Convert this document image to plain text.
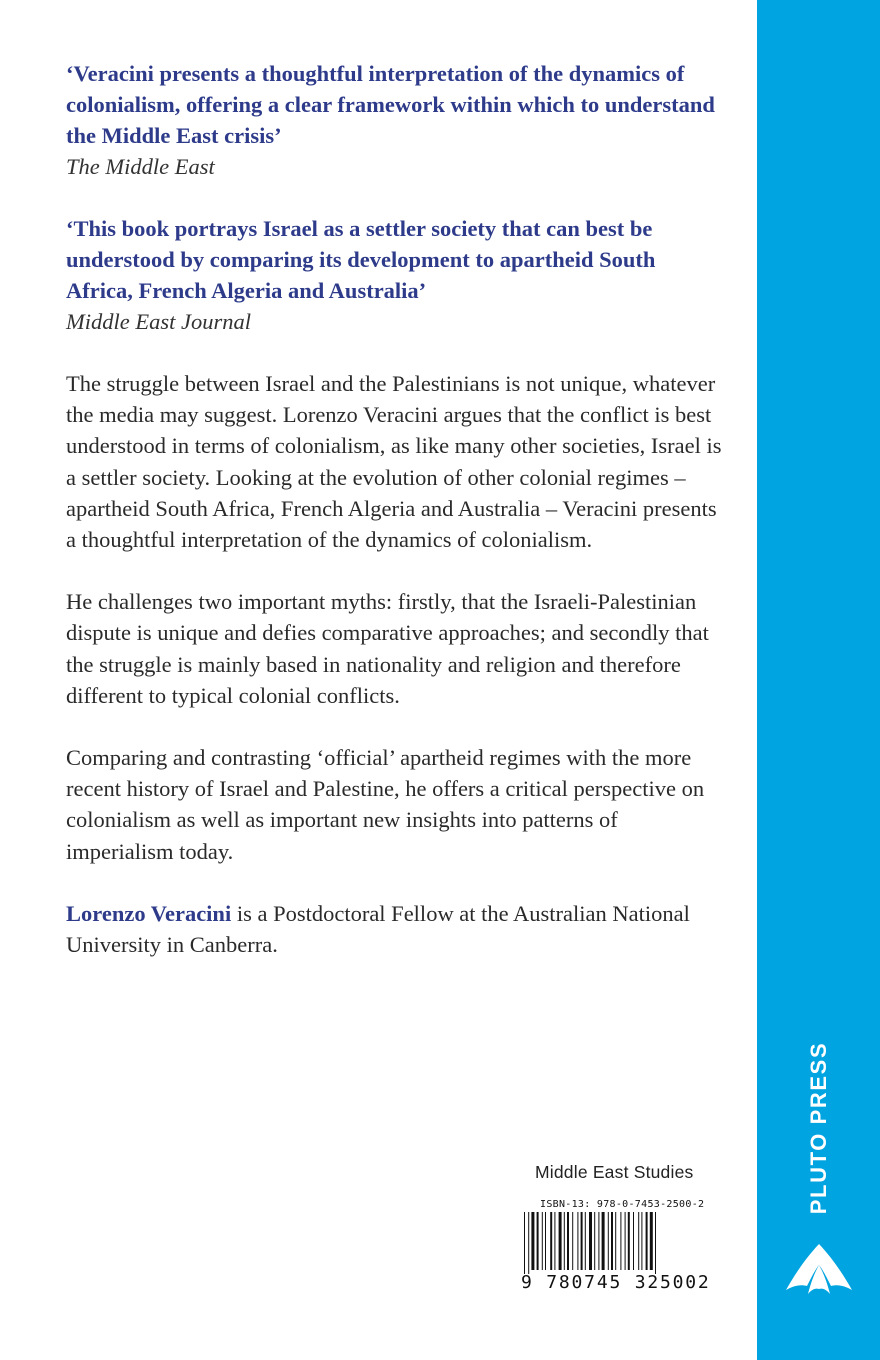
‘Veracini presents a thoughtful interpretation of the dynamics of colonialism, offering a clear framework within which to understand the Middle East crisis’
The Middle East
‘This book portrays Israel as a settler society that can best be understood by comparing its development to apartheid South Africa, French Algeria and Australia’
Middle East Journal

The struggle between Israel and the Palestinians is not unique, whatever the media may suggest. Lorenzo Veracini argues that the conflict is best understood in terms of colonialism, as like many other societies, Israel is a settler society. Looking at the evolution of other colonial regimes – apartheid South Africa, French Algeria and Australia – Veracini presents a thoughtful interpretation of the dynamics of colonialism.

He challenges two important myths: firstly, that the Israeli-Palestinian dispute is unique and defies comparative approaches; and secondly that the struggle is mainly based in nationality and religion and therefore different to typical colonial conflicts.

Comparing and contrasting ‘official’ apartheid regimes with the more recent history of Israel and Palestine, he offers a critical perspective on colonialism as well as important new insights into patterns of imperialism today.

Lorenzo Veracini is a Postdoctoral Fellow at the Australian National University in Canberra.

Middle East Studies
ISBN-13: 978-0-7453-2500-2
9 780745 325002
PLUTO PRESS
